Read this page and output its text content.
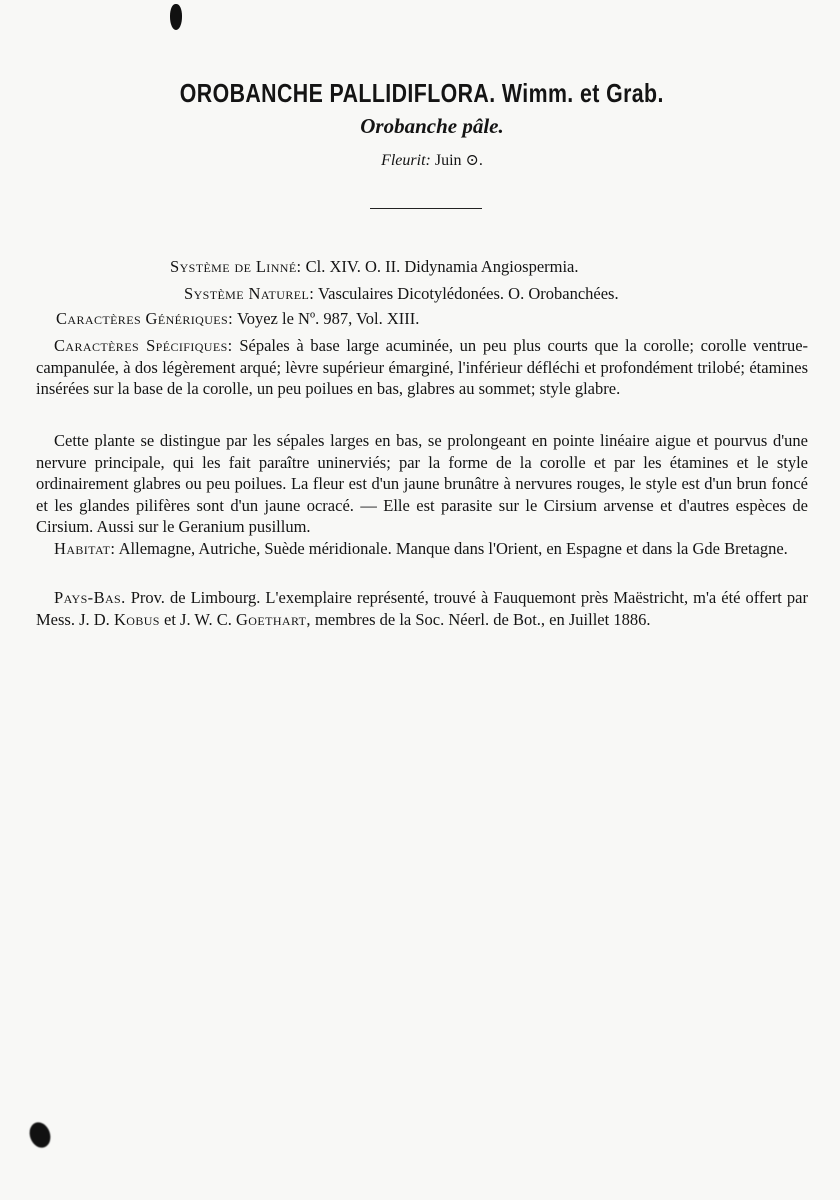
OROBANCHE PALLIDIFLORA. Wimm. et Grab.
Orobanche pâle.
Fleurit: Juin ⊙.
Système de Linné: Cl. XIV. O. II. Didynamia Angiospermia.
Système Naturel: Vasculaires Dicotylédonées. O. Orobanchées.
Caractères Génériques: Voyez le Nº. 987, Vol. XIII.

Caractères Spécifiques: Sépales à base large acuminée, un peu plus courts que la corolle; corolle ventrue-campanulée, à dos légèrement arqué; lèvre supérieur émarginé, l'inférieur défléchi et profondément trilobé; étamines insérées sur la base de la corolle, un peu poilues en bas, glabres au sommet; style glabre.

Cette plante se distingue par les sépales larges en bas, se prolongeant en pointe linéaire aigue et pourvus d'une nervure principale, qui les fait paraître uninerviés; par la forme de la corolle et par les étamines et le style ordinairement glabres ou peu poilues. La fleur est d'un jaune brunâtre à nervures rouges, le style est d'un brun foncé et les glandes pilifères sont d'un jaune ocracé. — Elle est parasite sur le Cirsium arvense et d'autres espèces de Cirsium. Aussi sur le Geranium pusillum.

Habitat: Allemagne, Autriche, Suède méridionale. Manque dans l'Orient, en Espagne et dans la Gde Bretagne.

Pays-Bas. Prov. de Limbourg. L'exemplaire représenté, trouvé à Fauquemont près Maëstricht, m'a été offert par Mess. J. D. Kobus et J. W. C. Goethart, membres de la Soc. Néerl. de Bot., en Juillet 1886.
